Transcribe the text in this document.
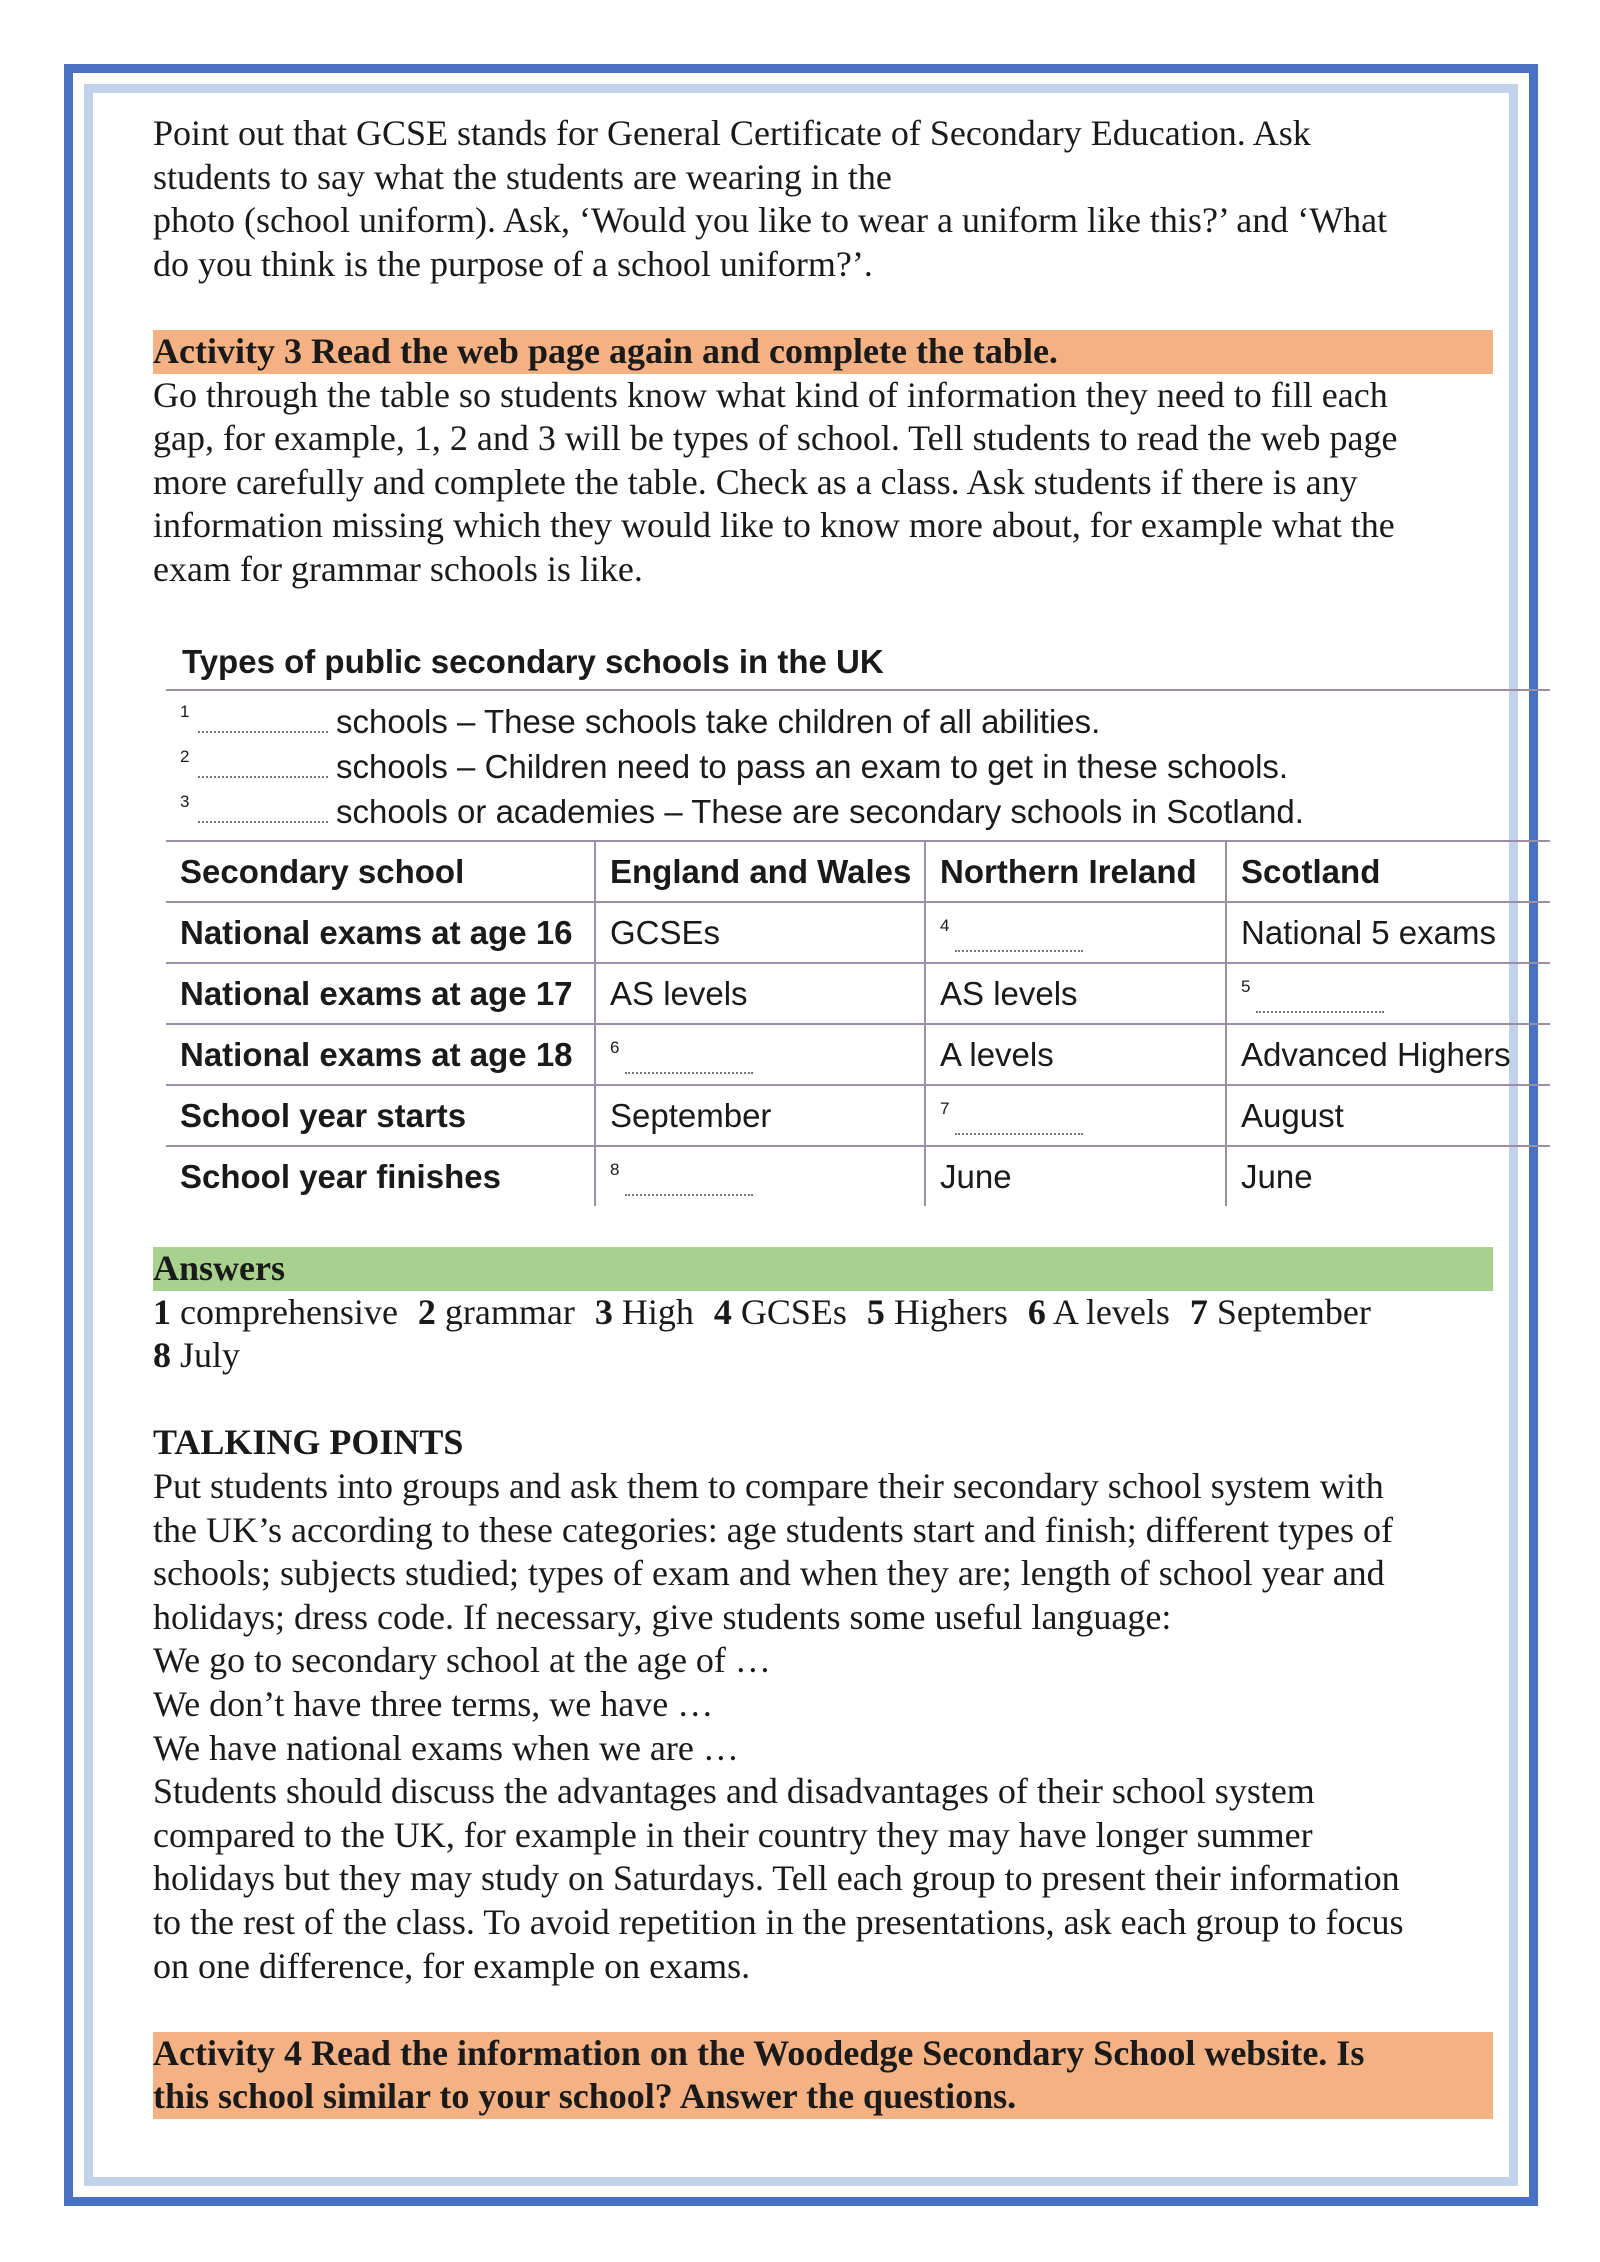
Point out that GCSE stands for General Certificate of Secondary Education. Ask
students to say what the students are wearing in the
photo (school uniform). Ask, ‘Would you like to wear a uniform like this?’ and ‘What
do you think is the purpose of a school uniform?’.

Activity 3 Read the web page again and complete the table.

Go through the table so students know what kind of information they need to fill each
gap, for example, 1, 2 and 3 will be types of school. Tell students to read the web page
more carefully and complete the table. Check as a class. Ask students if there is any
information missing which they would like to know more about, for example what the
exam for grammar schools is like.

Types of public secondary schools in the UK
1	schools – These schools take children of all abilities.
2	schools – Children need to pass an exam to get in these schools.
3	schools or academies – These are secondary schools in Scotland.
Secondary school	England and Wales	Northern Ireland	Scotland
National exams at age 16	GCSEs	$^4$	National 5 exams
National exams at age 17	AS levels	AS levels	$^5$
National exams at age 18	$^6$	A levels	Advanced Highers
School year starts	September	$^7$	August
School year finishes	$^8$	June	June
Answers

1 comprehensive 2 grammar 3 High 4 GCSEs 5 Highers 6 A levels 7 September
8 July

TALKING POINTS

Put students into groups and ask them to compare their secondary school system with
the UK’s according to these categories: age students start and finish; different types of
schools; subjects studied; types of exam and when they are; length of school year and
holidays; dress code. If necessary, give students some useful language:
We go to secondary school at the age of …
We don’t have three terms, we have …
We have national exams when we are …
Students should discuss the advantages and disadvantages of their school system
compared to the UK, for example in their country they may have longer summer
holidays but they may study on Saturdays. Tell each group to present their information
to the rest of the class. To avoid repetition in the presentations, ask each group to focus
on one difference, for example on exams.

Activity 4 Read the information on the Woodedge Secondary School website. Is
this school similar to your school? Answer the questions.
